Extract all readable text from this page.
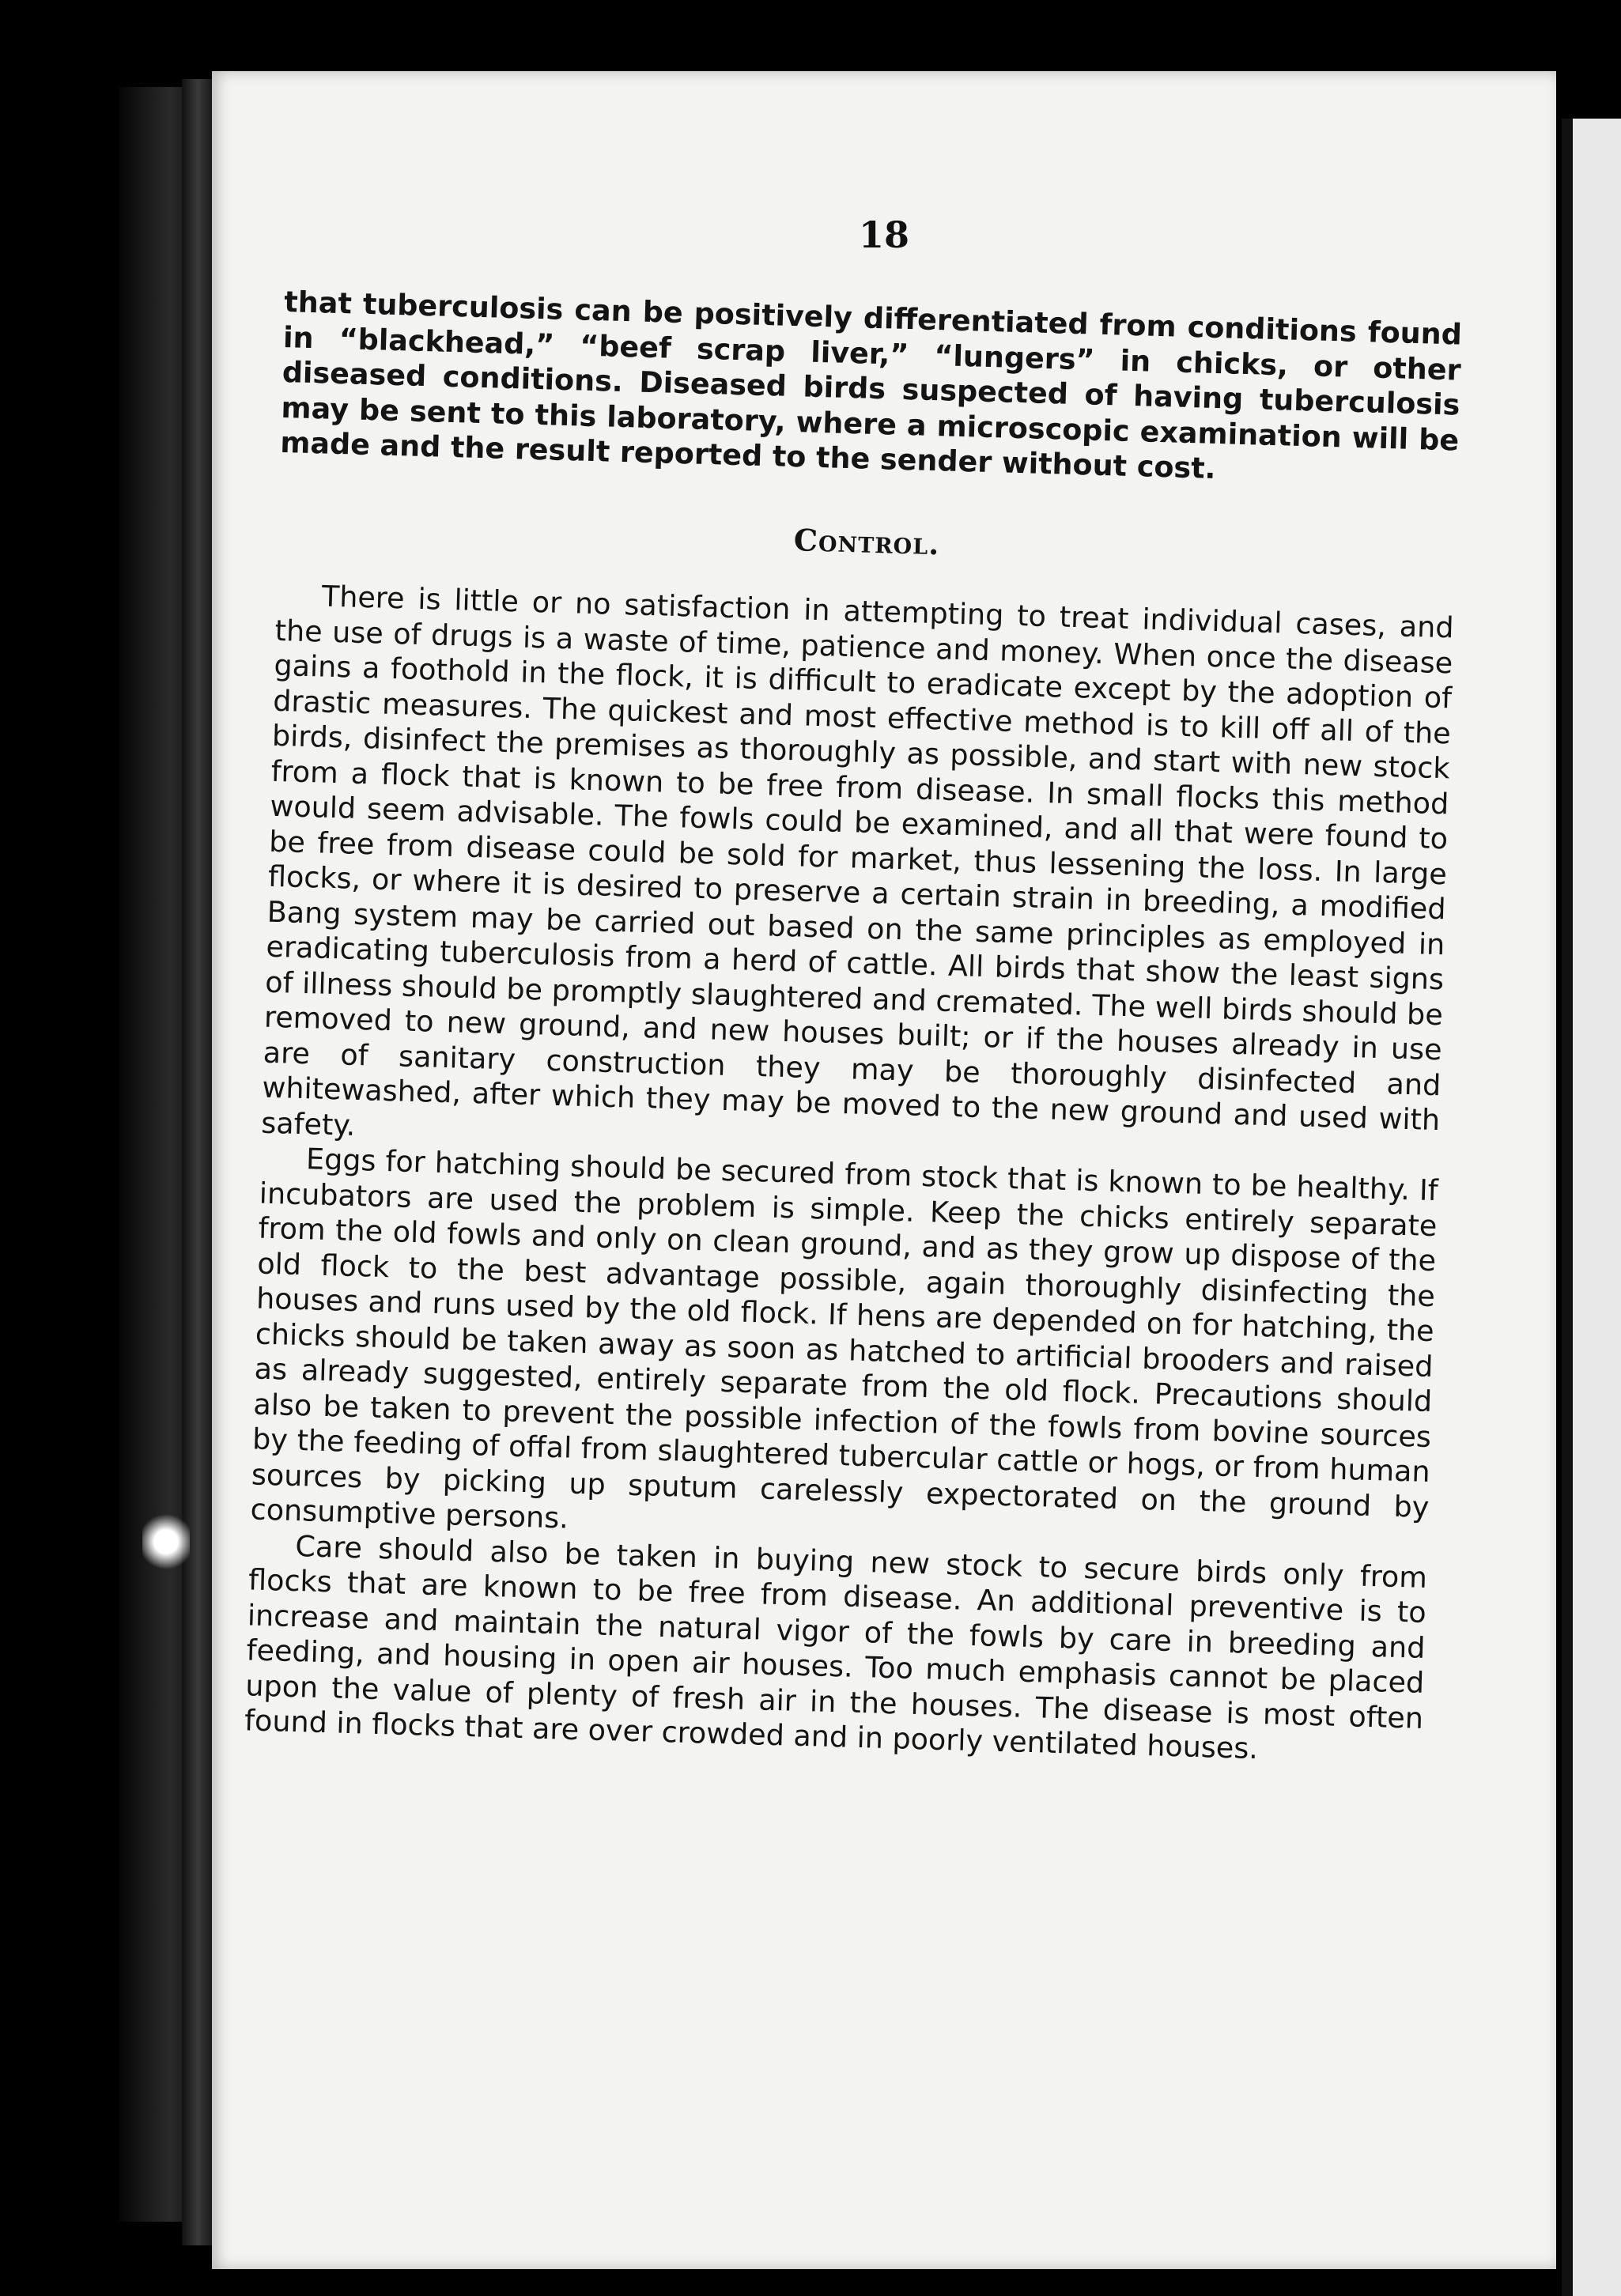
18

that tuberculosis can be positively differentiated from conditions found in “blackhead,” “beef scrap liver,” “lungers” in chicks, or other diseased conditions. Diseased birds suspected of having tuberculosis may be sent to this laboratory, where a microscopic examination will be made and the result reported to the sender without cost.

Control.

There is little or no satisfaction in attempting to treat individual cases, and the use of drugs is a waste of time, patience and money. When once the disease gains a foothold in the flock, it is difficult to eradicate except by the adoption of drastic measures. The quickest and most effective method is to kill off all of the birds, disinfect the premises as thoroughly as possible, and start with new stock from a flock that is known to be free from disease. In small flocks this method would seem advisable. The fowls could be examined, and all that were found to be free from disease could be sold for market, thus lessening the loss. In large flocks, or where it is desired to preserve a certain strain in breeding, a modified Bang system may be carried out based on the same principles as employed in eradicating tuberculosis from a herd of cattle. All birds that show the least signs of illness should be promptly slaughtered and cremated. The well birds should be removed to new ground, and new houses built; or if the houses already in use are of sanitary construction they may be thoroughly disinfected and whitewashed, after which they may be moved to the new ground and used with safety.

Eggs for hatching should be secured from stock that is known to be healthy. If incubators are used the problem is simple. Keep the chicks entirely separate from the old fowls and only on clean ground, and as they grow up dispose of the old flock to the best advantage possible, again thoroughly disinfecting the houses and runs used by the old flock. If hens are depended on for hatching, the chicks should be taken away as soon as hatched to artificial brooders and raised as already suggested, entirely separate from the old flock. Precautions should also be taken to prevent the possible infection of the fowls from bovine sources by the feeding of offal from slaughtered tubercular cattle or hogs, or from human sources by picking up sputum carelessly expectorated on the ground by consumptive persons.

Care should also be taken in buying new stock to secure birds only from flocks that are known to be free from disease. An additional preventive is to increase and maintain the natural vigor of the fowls by care in breeding and feeding, and housing in open air houses. Too much emphasis cannot be placed upon the value of plenty of fresh air in the houses. The disease is most often found in flocks that are over crowded and in poorly ventilated houses.
